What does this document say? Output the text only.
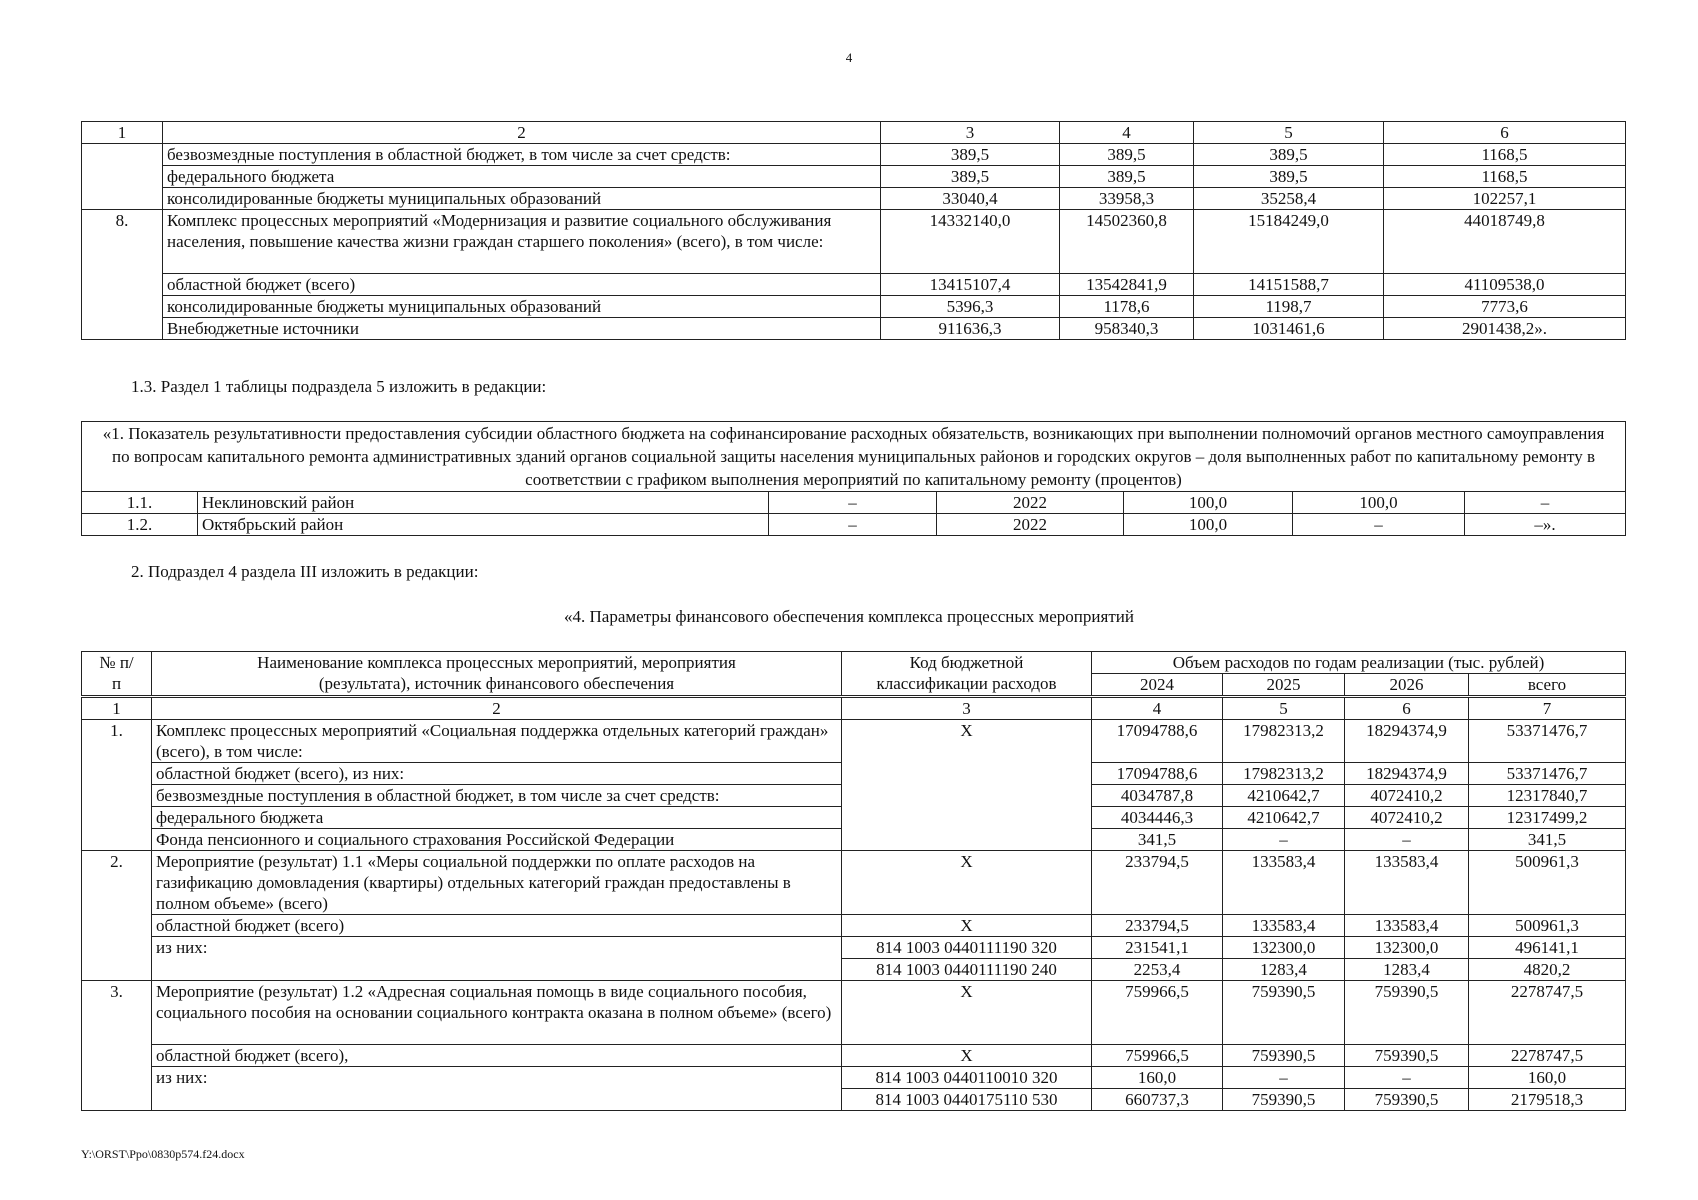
4
1	2	3	4	5	6
	безвозмездные поступления в областной бюджет, в том числе за счет средств:	389,5	389,5	389,5	1168,5
	федерального бюджета	389,5	389,5	389,5	1168,5
	консолидированные бюджеты муниципальных образований	33040,4	33958,3	35258,4	102257,1
8.	Комплекс процессных мероприятий «Модернизация и развитие социального обслуживания населения, повышение качества жизни граждан старшего поколения» (всего), в том числе:	14332140,0	14502360,8	15184249,0	44018749,8
	областной бюджет (всего)	13415107,4	13542841,9	14151588,7	41109538,0
	консолидированные бюджеты муниципальных образований	5396,3	1178,6	1198,7	7773,6
	Внебюджетные источники	911636,3	958340,3	1031461,6	2901438,2».
1.3. Раздел 1 таблицы подраздела 5 изложить в редакции:
«1. Показатель результативности предоставления субсидии областного бюджета на софинансирование расходных обязательств, возникающих при выполнении полномочий органов местного самоуправления по вопросам капитального ремонта административных зданий органов социальной защиты населения муниципальных районов и городских округов – доля выполненных работ по капитальному ремонту в соответствии с графиком выполнения мероприятий по капитальному ремонту (процентов)						
1.1.	Неклиновский район	–	2022	100,0	100,0	–
1.2.	Октябрьский район	–	2022	100,0	–	–».
2. Подраздел 4 раздела III изложить в редакции:
«4. Параметры финансового обеспечения комплекса процессных мероприятий
№ п/п	Наименование комплекса процессных мероприятий, мероприятия (результата), источник финансового обеспечения	Код бюджетной классификации расходов	Объем расходов по годам реализации (тыс. рублей)			
			2024	2025	2026	всего
1	2	3	4	5	6	7
1.	Комплекс процессных мероприятий «Социальная поддержка отдельных категорий граждан» (всего), в том числе:	Х	17094788,6	17982313,2	18294374,9	53371476,7
	областной бюджет (всего), из них:		17094788,6	17982313,2	18294374,9	53371476,7
	безвозмездные поступления в областной бюджет, в том числе за счет средств:		4034787,8	4210642,7	4072410,2	12317840,7
	федерального бюджета		4034446,3	4210642,7	4072410,2	12317499,2
	Фонда пенсионного и социального страхования Российской Федерации		341,5	–	–	341,5
2.	Мероприятие (результат) 1.1 «Меры социальной поддержки по оплате расходов на газификацию домовладения (квартиры) отдельных категорий граждан предоставлены в полном объеме» (всего)	Х	233794,5	133583,4	133583,4	500961,3
	областной бюджет (всего)	Х	233794,5	133583,4	133583,4	500961,3
	из них:	814 1003 0440111190 320	231541,1	132300,0	132300,0	496141,1
		814 1003 0440111190 240	2253,4	1283,4	1283,4	4820,2
3.	Мероприятие (результат) 1.2 «Адресная социальная помощь в виде социального пособия, социального пособия на основании социального контракта оказана в полном объеме» (всего)	Х	759966,5	759390,5	759390,5	2278747,5
	областной бюджет (всего),	Х	759966,5	759390,5	759390,5	2278747,5
	из них:	814 1003 0440110010 320	160,0	–	–	160,0
		814 1003 0440175110 530	660737,3	759390,5	759390,5	2179518,3
Y:\ORST\Ppo\0830p574.f24.docx
